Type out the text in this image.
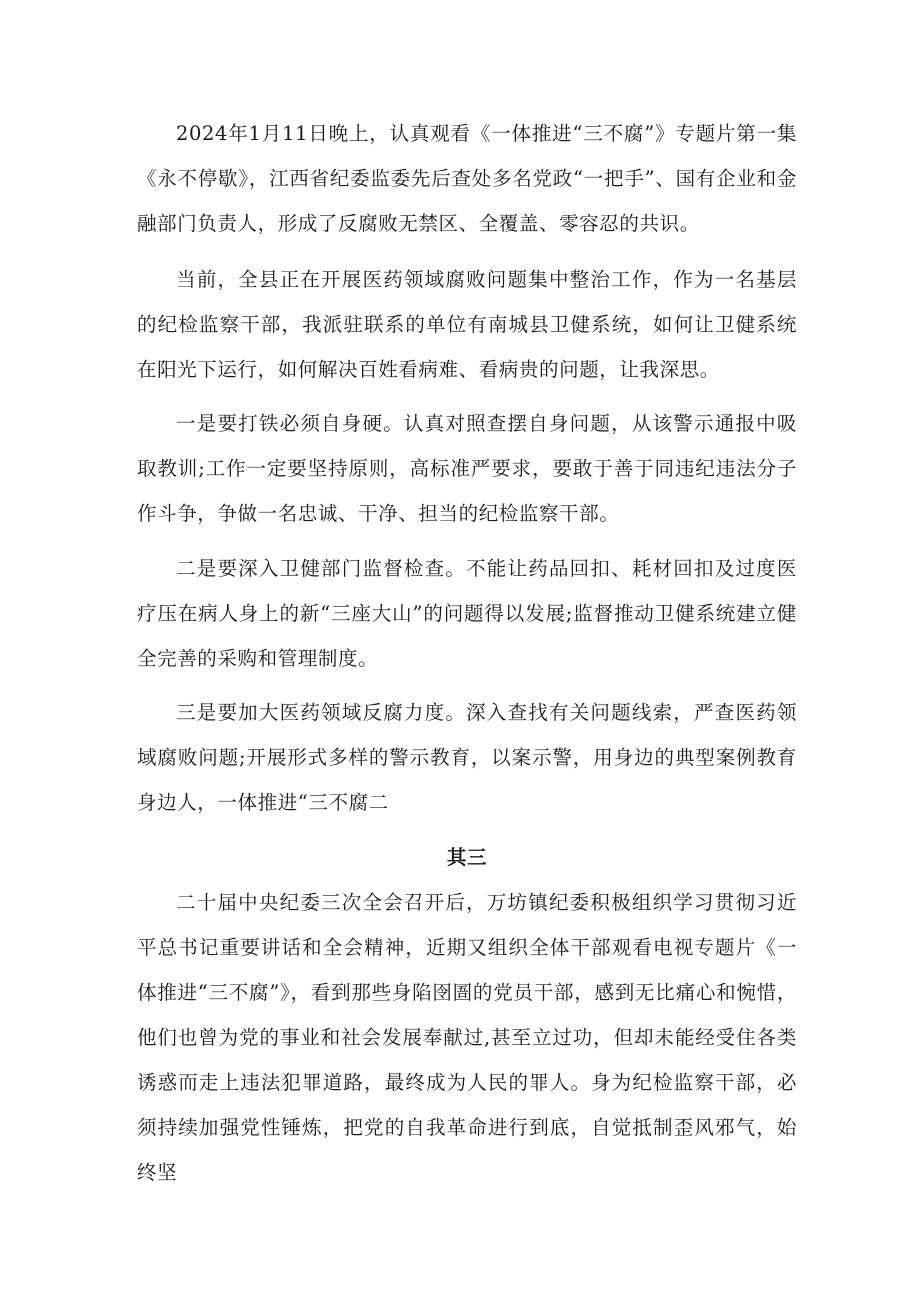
2024年1月11日晚上，认真观看《一体推进“三不腐”》专题片第一集《永不停歇》，江西省纪委监委先后查处多名党政“一把手”、国有企业和金融部门负责人，形成了反腐败无禁区、全覆盖、零容忍的共识。

当前，全县正在开展医药领域腐败问题集中整治工作，作为一名基层的纪检监察干部，我派驻联系的单位有南城县卫健系统，如何让卫健系统在阳光下运行，如何解决百姓看病难、看病贵的问题，让我深思。

一是要打铁必须自身硬。认真对照查摆自身问题，从该警示通报中吸取教训;工作一定要坚持原则，高标准严要求，要敢于善于同违纪违法分子作斗争，争做一名忠诚、干净、担当的纪检监察干部。

二是要深入卫健部门监督检查。不能让药品回扣、耗材回扣及过度医疗压在病人身上的新“三座大山”的问题得以发展;监督推动卫健系统建立健全完善的采购和管理制度。

三是要加大医药领域反腐力度。深入查找有关问题线索，严查医药领域腐败问题;开展形式多样的警示教育，以案示警，用身边的典型案例教育身边人，一体推进“三不腐二

其三

二十届中央纪委三次全会召开后，万坊镇纪委积极组织学习贯彻习近平总书记重要讲话和全会精神，近期又组织全体干部观看电视专题片《一体推进“三不腐”》，看到那些身陷囹圄的党员干部，感到无比痛心和惋惜，他们也曾为党的事业和社会发展奉献过,甚至立过功，但却未能经受住各类诱惑而走上违法犯罪道路，最终成为人民的罪人。身为纪检监察干部，必须持续加强党性锤炼，把党的自我革命进行到底，自觉抵制歪风邪气，始终坚
